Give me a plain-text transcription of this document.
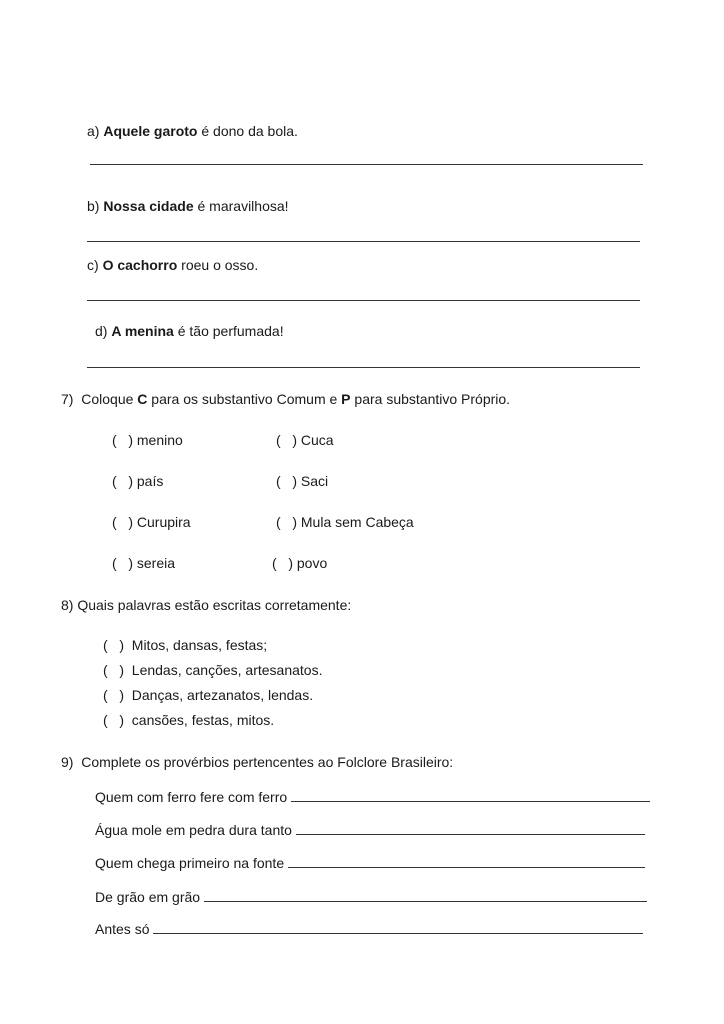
a) Aquele garoto é dono da bola.
b) Nossa cidade é maravilhosa!
c) O cachorro roeu o osso.
d) A menina é tão perfumada!
7) Coloque C para os substantivo Comum e P para substantivo Próprio.
(   ) menino	(   ) Cuca
(   ) país	(   ) Saci
(   ) Curupira	(   ) Mula sem Cabeça
(   ) sereia	(   ) povo
8) Quais palavras estão escritas corretamente:
(   ) Mitos, dansas, festas;
(   ) Lendas, canções, artesanatos.
(   ) Danças, artezanatos, lendas.
(   ) cansões, festas, mitos.
9) Complete os provérbios pertencentes ao Folclore Brasileiro:
Quem com ferro fere com ferro
Água mole em pedra dura tanto
Quem chega primeiro na fonte
De grão em grão
Antes só
